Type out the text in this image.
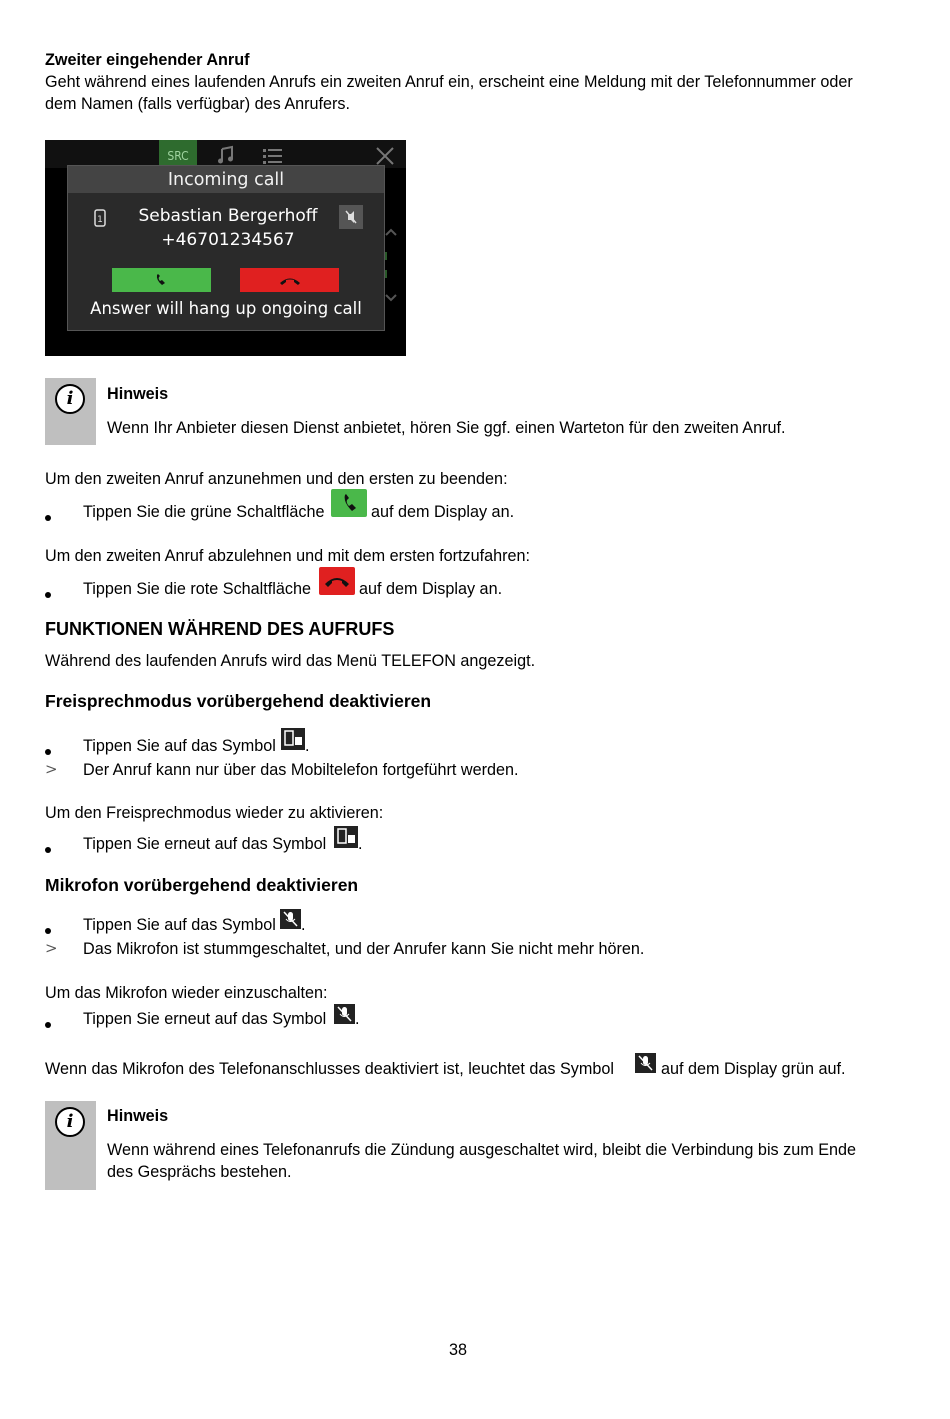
Zweiter eingehender Anruf
Geht während eines laufenden Anrufs ein zweiten Anruf ein, erscheint eine Meldung mit der Telefonnummer oder dem Namen (falls verfügbar) des Anrufers.
SRC
Incoming call
1	Sebastian Bergerhoff
+46701234567
Answer will hang up ongoing call
i	Hinweis
Wenn Ihr Anbieter diesen Dienst anbietet, hören Sie ggf. einen Warteton für den zweiten Anruf.
Um den zweiten Anruf anzunehmen und den ersten zu beenden:
Tippen Sie die grüne Schaltfläche	auf dem Display an.
Um den zweiten Anruf abzulehnen und mit dem ersten fortzufahren:
Tippen Sie die rote Schaltfläche	auf dem Display an.
FUNKTIONEN WÄHREND DES AUFRUFS
Während des laufenden Anrufs wird das Menü TELEFON angezeigt.
Freisprechmodus vorübergehend deaktivieren
Tippen Sie auf das Symbol .
> Der Anruf kann nur über das Mobiltelefon fortgeführt werden.
Um den Freisprechmodus wieder zu aktivieren:
Tippen Sie erneut auf das Symbol .
Mikrofon vorübergehend deaktivieren
Tippen Sie auf das Symbol .
> Das Mikrofon ist stummgeschaltet, und der Anrufer kann Sie nicht mehr hören.
Um das Mikrofon wieder einzuschalten:
Tippen Sie erneut auf das Symbol .
Wenn das Mikrofon des Telefonanschlusses deaktiviert ist, leuchtet das Symbol	auf dem Display grün auf.
i	Hinweis
Wenn während eines Telefonanrufs die Zündung ausgeschaltet wird, bleibt die Verbindung bis zum Ende des Gesprächs bestehen.
38
